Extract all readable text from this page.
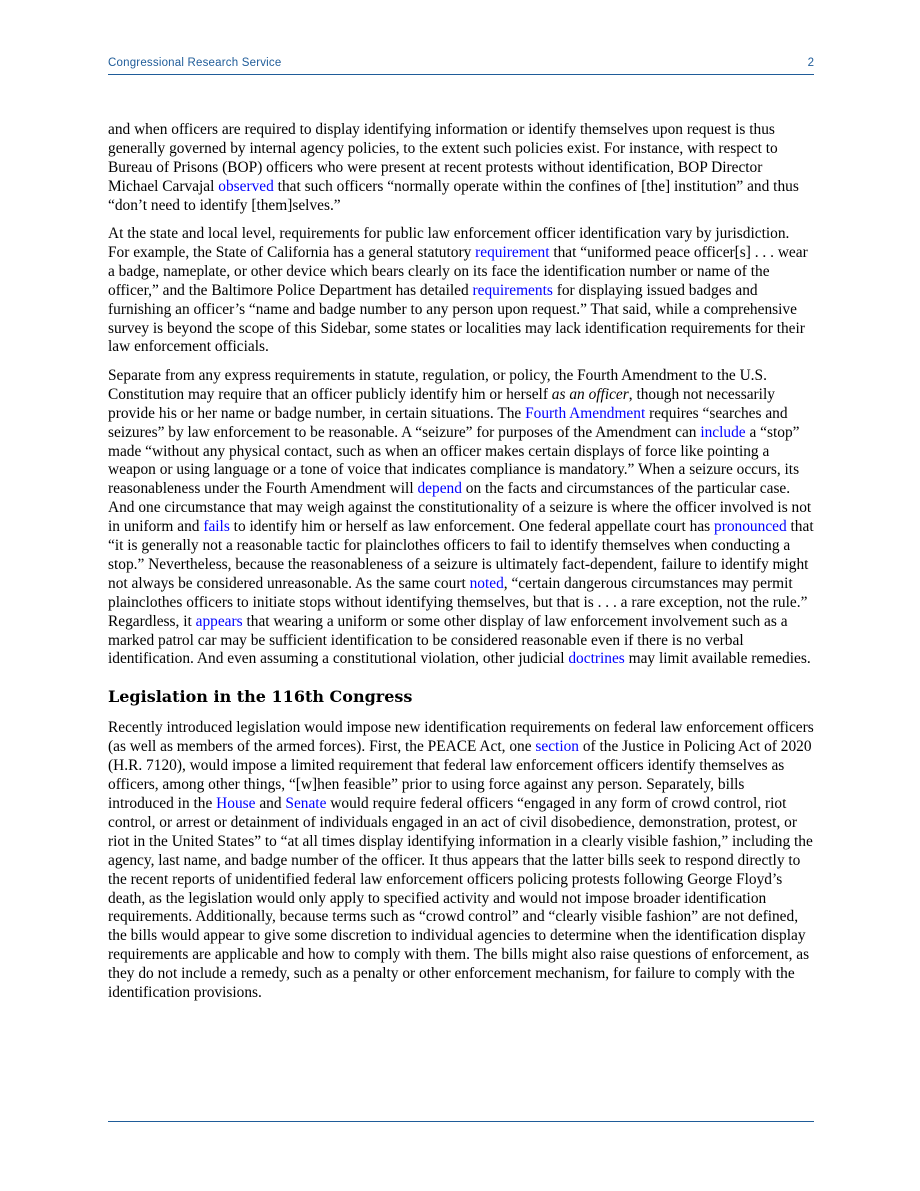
Congressional Research Service	2

and when officers are required to display identifying information or identify themselves upon request is thus generally governed by internal agency policies, to the extent such policies exist. For instance, with respect to Bureau of Prisons (BOP) officers who were present at recent protests without identification, BOP Director Michael Carvajal observed that such officers “normally operate within the confines of [the] institution” and thus “don’t need to identify [them]selves.”

At the state and local level, requirements for public law enforcement officer identification vary by jurisdiction. For example, the State of California has a general statutory requirement that “uniformed peace officer[s] . . . wear a badge, nameplate, or other device which bears clearly on its face the identification number or name of the officer,” and the Baltimore Police Department has detailed requirements for displaying issued badges and furnishing an officer’s “name and badge number to any person upon request.” That said, while a comprehensive survey is beyond the scope of this Sidebar, some states or localities may lack identification requirements for their law enforcement officials.

Separate from any express requirements in statute, regulation, or policy, the Fourth Amendment to the U.S. Constitution may require that an officer publicly identify him or herself as an officer, though not necessarily provide his or her name or badge number, in certain situations. The Fourth Amendment requires “searches and seizures” by law enforcement to be reasonable. A “seizure” for purposes of the Amendment can include a “stop” made “without any physical contact, such as when an officer makes certain displays of force like pointing a weapon or using language or a tone of voice that indicates compliance is mandatory.” When a seizure occurs, its reasonableness under the Fourth Amendment will depend on the facts and circumstances of the particular case. And one circumstance that may weigh against the constitutionality of a seizure is where the officer involved is not in uniform and fails to identify him or herself as law enforcement. One federal appellate court has pronounced that “it is generally not a reasonable tactic for plainclothes officers to fail to identify themselves when conducting a stop.” Nevertheless, because the reasonableness of a seizure is ultimately fact-dependent, failure to identify might not always be considered unreasonable. As the same court noted, “certain dangerous circumstances may permit plainclothes officers to initiate stops without identifying themselves, but that is . . . a rare exception, not the rule.” Regardless, it appears that wearing a uniform or some other display of law enforcement involvement such as a marked patrol car may be sufficient identification to be considered reasonable even if there is no verbal identification. And even assuming a constitutional violation, other judicial doctrines may limit available remedies.

Legislation in the 116th Congress

Recently introduced legislation would impose new identification requirements on federal law enforcement officers (as well as members of the armed forces). First, the PEACE Act, one section of the Justice in Policing Act of 2020 (H.R. 7120), would impose a limited requirement that federal law enforcement officers identify themselves as officers, among other things, “[w]hen feasible” prior to using force against any person. Separately, bills introduced in the House and Senate would require federal officers “engaged in any form of crowd control, riot control, or arrest or detainment of individuals engaged in an act of civil disobedience, demonstration, protest, or riot in the United States” to “at all times display identifying information in a clearly visible fashion,” including the agency, last name, and badge number of the officer. It thus appears that the latter bills seek to respond directly to the recent reports of unidentified federal law enforcement officers policing protests following George Floyd’s death, as the legislation would only apply to specified activity and would not impose broader identification requirements. Additionally, because terms such as “crowd control” and “clearly visible fashion” are not defined, the bills would appear to give some discretion to individual agencies to determine when the identification display requirements are applicable and how to comply with them. The bills might also raise questions of enforcement, as they do not include a remedy, such as a penalty or other enforcement mechanism, for failure to comply with the identification provisions.
